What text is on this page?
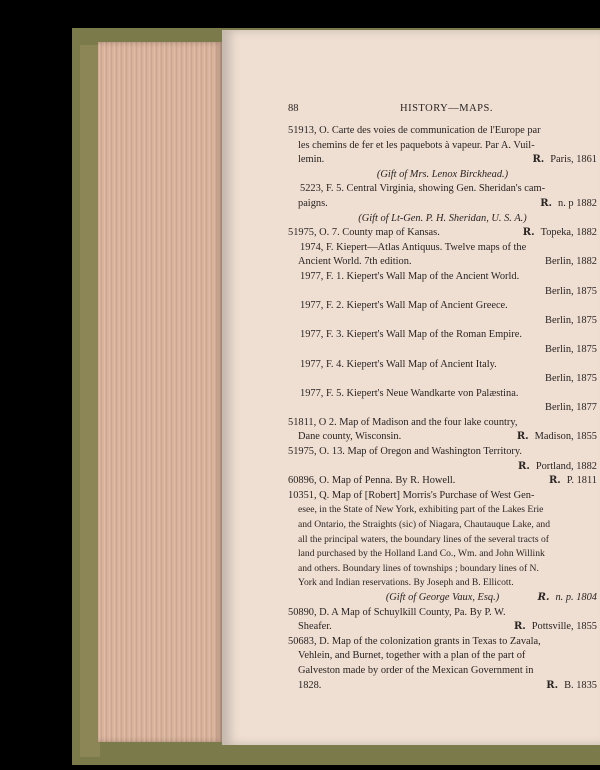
88	HISTORY—MAPS.
51913, O. Carte des voies de communication de l'Europe par
les chemins de fer et les paquebots à vapeur. Par A. Vuil-
lemin.	R. Paris, 1861
(Gift of Mrs. Lenox Birckhead.)
5223, F. 5. Central Virginia, showing Gen. Sheridan's cam-
paigns.	R. n. p 1882
(Gift of Lt-Gen. P. H. Sheridan, U. S. A.)
51975, O. 7. County map of Kansas.	R. Topeka, 1882
1974, F. Kiepert—Atlas Antiquus. Twelve maps of the
Ancient World. 7th edition.	Berlin, 1882
1977, F. 1. Kiepert's Wall Map of the Ancient World.
Berlin, 1875
1977, F. 2. Kiepert's Wall Map of Ancient Greece.
Berlin, 1875
1977, F. 3. Kiepert's Wall Map of the Roman Empire.
Berlin, 1875
1977, F. 4. Kiepert's Wall Map of Ancient Italy.
Berlin, 1875
1977, F. 5. Kiepert's Neue Wandkarte von Palæstina.
Berlin, 1877
51811, O 2. Map of Madison and the four lake country,
Dane county, Wisconsin.	R. Madison, 1855
51975, O. 13. Map of Oregon and Washington Territory.
R. Portland, 1882
60896, O. Map of Penna. By R. Howell.	R. P. 1811
10351, Q. Map of [Robert] Morris's Purchase of West Gen-
esee, in the State of New York, exhibiting part of the Lakes Erie
and Ontario, the Straights (sic) of Niagara, Chautauque Lake, and
all the principal waters, the boundary lines of the several tracts of
land purchased by the Holland Land Co., Wm. and John Willink
and others. Boundary lines of townships ; boundary lines of N.
York and Indian reservations. By Joseph and B. Ellicott.
(Gift of George Vaux, Esq.)	R. n. p. 1804
50890, D. A Map of Schuylkill County, Pa. By P. W.
Sheafer.	R. Pottsville, 1855
50683, D. Map of the colonization grants in Texas to Zavala,
Vehlein, and Burnet, together with a plan of the part of
Galveston made by order of the Mexican Government in
1828.	R. B. 1835
